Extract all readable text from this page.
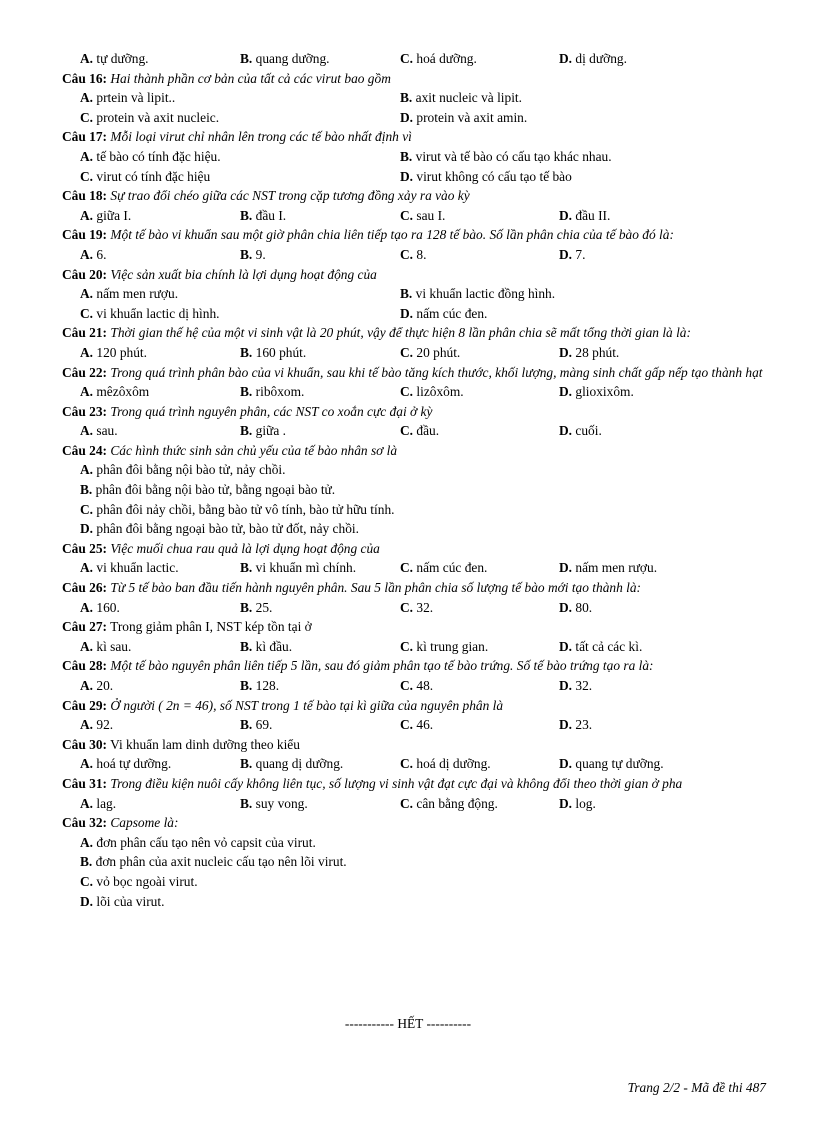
A. tự dưỡng.	B. quang dưỡng.	C. hoá dưỡng.	D. dị dưỡng.
Câu 16: Hai thành phần cơ bản của tất cả các virut bao gồm
A. prtein và lipit..	B. axit nucleic và lipit.
C. protein và axit nucleic.	D. protein và axit amin.
Câu 17: Mỗi loại virut chỉ nhân lên trong các tế bào nhất định vì
A. tế bào có tính đặc hiệu.	B. virut và tế bào có cấu tạo khác nhau.
C. virut có tính đặc hiệu	D. virut không có cấu tạo tế bào
Câu 18: Sự trao đổi chéo giữa các NST trong cặp tương đồng xảy ra vào kỳ
A. giữa I.	B. đầu I.	C. sau I.	D. đầu II.
Câu 19: Một tế bào vi khuẩn sau một giờ phân chia liên tiếp tạo ra 128 tế bào. Số lần phân chia của tế bào đó là:
A. 6.	B. 9.	C. 8.	D. 7.
Câu 20: Việc sản xuất bia chính là lợi dụng hoạt động của
A. nấm men rượu.	B. vi khuẩn lactic đồng hình.
C. vi khuẩn lactic dị hình.	D. nấm cúc đen.
Câu 21: Thời gian thế hệ của một vi sinh vật là 20 phút, vậy để thực hiện 8 lần phân chia sẽ mất tổng thời gian là là:
A. 120 phút.	B. 160 phút.	C. 20 phút.	D. 28 phút.
Câu 22: Trong quá trình phân bào của vi khuẩn, sau khi tế bào tăng kích thước, khối lượng, màng sinh chất gấp nếp tạo thành hạt
A. mêzôxôm	B. ribôxom.	C. lizôxôm.	D. glioxixôm.
Câu 23: Trong quá trình nguyên phân, các NST co xoắn cực đại ở kỳ
A. sau.	B. giữa .	C. đầu.	D. cuối.
Câu 24: Các hình thức sinh sản chủ yếu của tế bào nhân sơ là
A. phân đôi bằng nội bào tử, nảy chồi.
B. phân đôi bằng nội bào tử, bằng ngoại bào tử.
C. phân đôi nảy chồi, bằng bào tử vô tính, bào tử hữu tính.
D. phân đôi bằng ngoại bào tử, bào tử đốt, nảy chồi.
Câu 25: Việc muối chua rau quả là lợi dụng hoạt động của
A. vi khuẩn lactic.	B. vi khuẩn mì chính.	C. nấm cúc đen.	D. nấm men rượu.
Câu 26: Từ 5 tế bào ban đầu tiến hành nguyên phân. Sau 5 lần phân chia số lượng tế bào mới tạo thành là:
A. 160.	B. 25.	C. 32.	D. 80.
Câu 27: Trong giảm phân I, NST kép tồn tại ở
A. kì sau.	B. kì đầu.	C. kì trung gian.	D. tất cả các kì.
Câu 28: Một tế bào nguyên phân liên tiếp 5 lần, sau đó giảm phân tạo tế bào trứng. Số tế bào trứng tạo ra là:
A. 20.	B. 128.	C. 48.	D. 32.
Câu 29: Ở người ( 2n = 46), số NST trong 1 tế bào tại kì giữa của nguyên phân là
A. 92.	B. 69.	C. 46.	D. 23.
Câu 30: Vi khuẩn lam dinh dưỡng theo kiểu
A. hoá tự dưỡng.	B. quang dị dưỡng.	C. hoá dị dưỡng.	D. quang tự dưỡng.
Câu 31: Trong điều kiện nuôi cấy không liên tục, số lượng vi sinh vật đạt cực đại và không đổi theo thời gian ở pha
A. lag.	B. suy vong.	C. cân bằng động.	D. log.
Câu 32: Capsome là:
A. đơn phân cấu tạo nên vỏ capsit của virut.
B. đơn phân của axit nucleic cấu tạo nên lõi virut.
C. vỏ bọc ngoài virut.
D. lõi của virut.
----------- HẾT ----------
Trang 2/2 - Mã đề thi 487
